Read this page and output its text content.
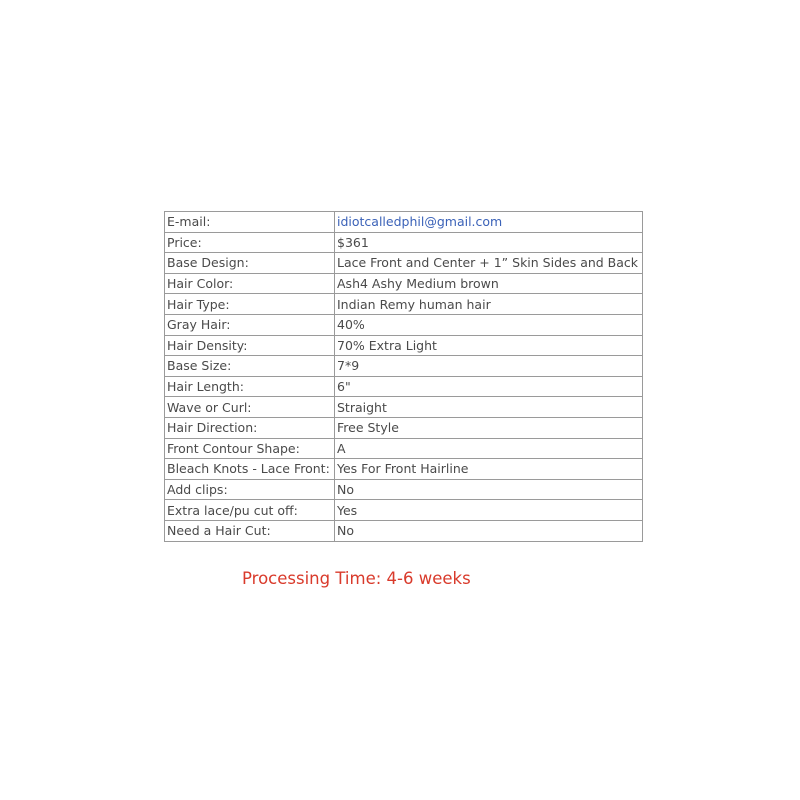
E-mail:	idiotcalledphil@gmail.com
Price:	$361
Base Design:	Lace Front and Center + 1” Skin Sides and Back
Hair Color:	Ash4 Ashy Medium brown
Hair Type:	Indian Remy human hair
Gray Hair:	40%
Hair Density:	70% Extra Light
Base Size:	7*9
Hair Length:	6"
Wave or Curl:	Straight
Hair Direction:	Free Style
Front Contour Shape:	A
Bleach Knots - Lace Front:	Yes For Front Hairline
Add clips:	No
Extra lace/pu cut off:	Yes
Need a Hair Cut:	No
Processing Time: 4-6 weeks
